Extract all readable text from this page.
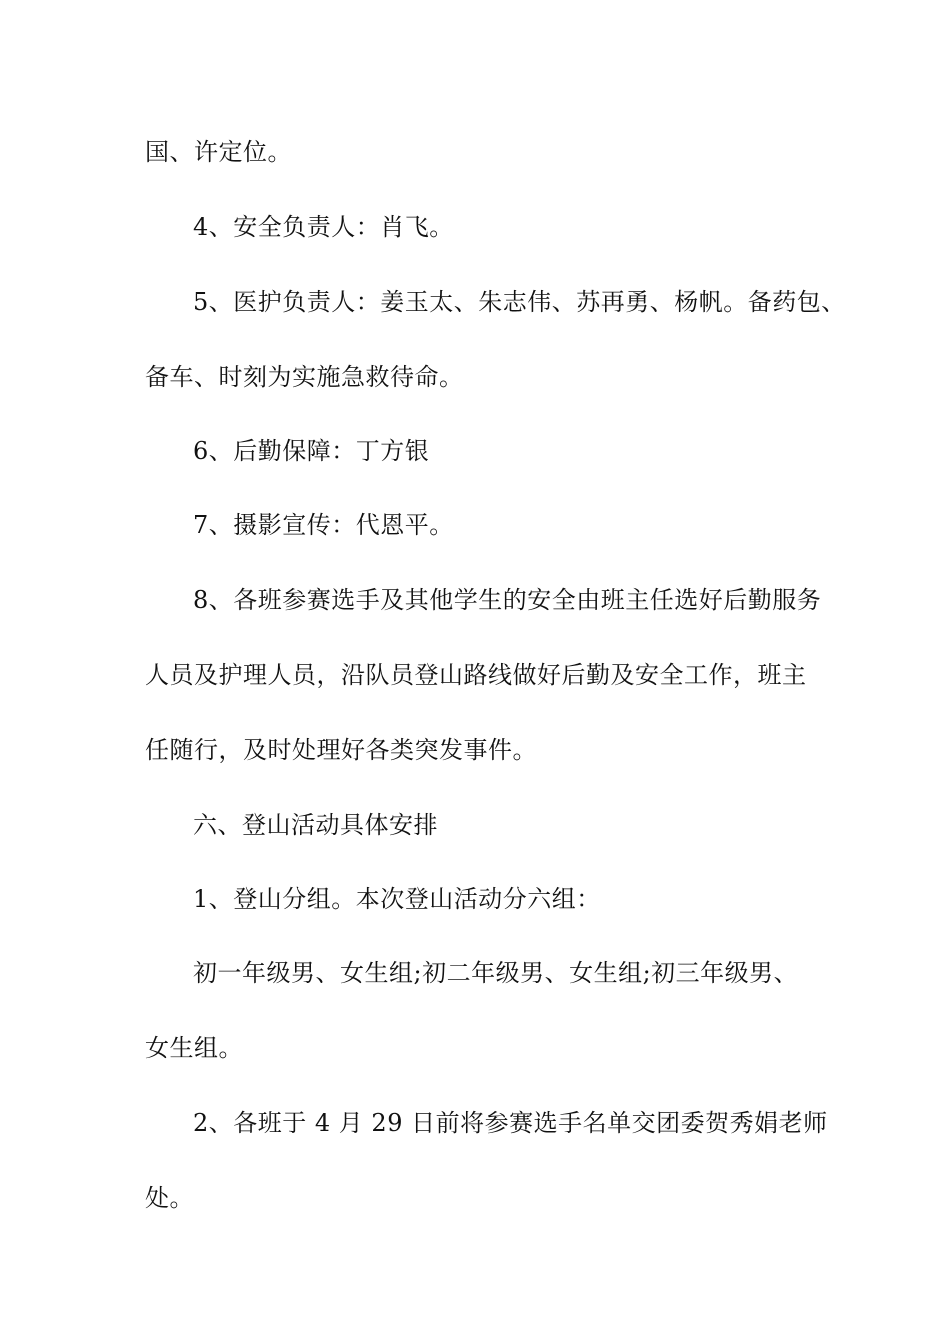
国、许定位。
4、安全负责人：肖飞。
5、医护负责人：姜玉太、朱志伟、苏再勇、杨帆。备药包、
备车、时刻为实施急救待命。
6、后勤保障：丁方银
7、摄影宣传：代恩平。
8、各班参赛选手及其他学生的安全由班主任选好后勤服务
人员及护理人员，沿队员登山路线做好后勤及安全工作，班主
任随行，及时处理好各类突发事件。
六、登山活动具体安排
1、登山分组。本次登山活动分六组：
初一年级男、女生组;初二年级男、女生组;初三年级男、
女生组。
2、各班于 4 月 29 日前将参赛选手名单交团委贺秀娟老师
处。
